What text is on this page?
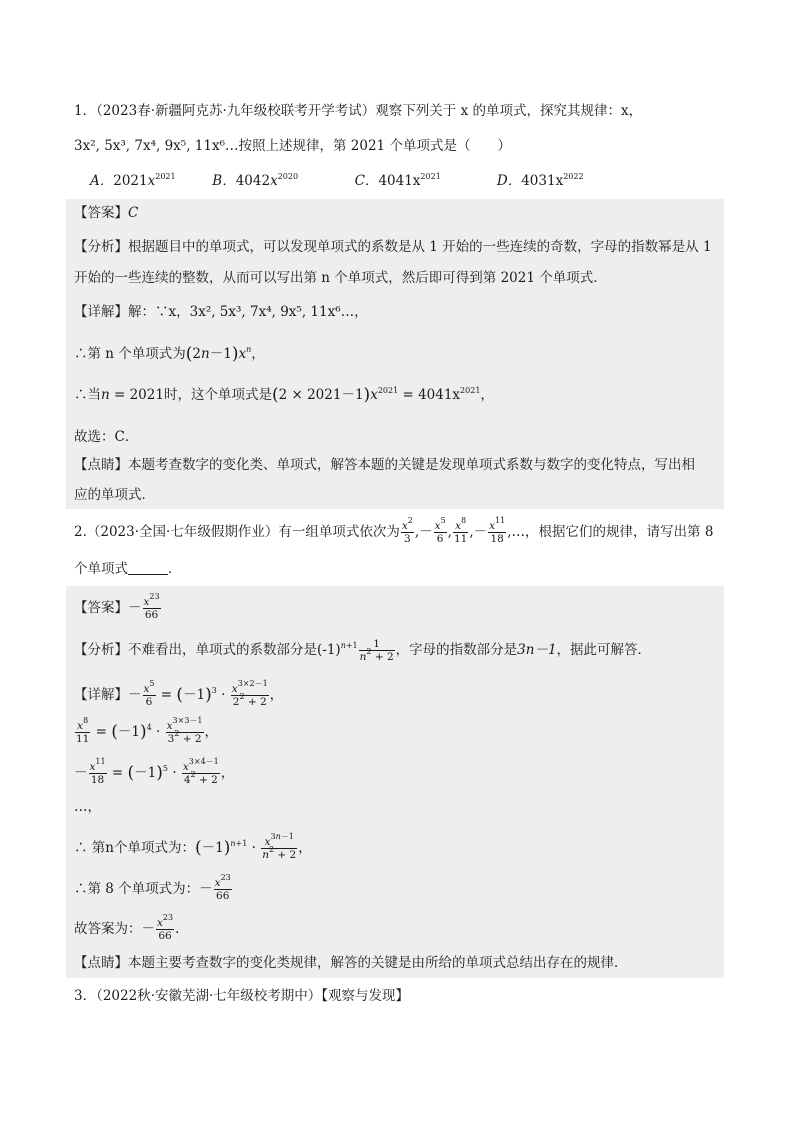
1．（2023春·新疆阿克苏·九年级校联考开学考试）观察下列关于 x 的单项式，探究其规律：x，
3x², 5x³, 7x⁴, 9x⁵, 11x⁶…按照上述规律，第 2021 个单项式是（　　）
A．$2021x^{2021}$	B．$4042x^{2020}$	C．$4041x^{2021}$	D．$4031x^{2022}$
【答案】C
【分析】根据题目中的单项式，可以发现单项式的系数是从 1 开始的一些连续的奇数，字母的指数幂是从 1
开始的一些连续的整数，从而可以写出第 n 个单项式，然后即可得到第 2021 个单项式．
【详解】解：∵x，3x², 5x³, 7x⁴, 9x⁵, 11x⁶…，
∴第 n 个单项式为$(2n-1)x^n$，
∴当n = 2021时，这个单项式是$(2 \times 2021-1)x^{2021} = 4041x^{2021}$，
故选：C．
【点睛】本题考查数字的变化类、单项式，解答本题的关键是发现单项式系数与数字的变化特点，写出相
应的单项式．
2.（2023·全国·七年级假期作业）有一组单项式依次为 $\frac{x^2}{3}$ ,－ $\frac{x^5}{6}$ , $\frac{x^8}{11}$ ,－ $\frac{x^{11}}{18}$ ,…，根据它们的规律，请写出第 8
个单项式	．
【答案】－ $\frac{x^{23}}{66}$
【分析】不难看出，单项式的系数部分是$(-1)^{n+1} \frac{1}{n^2 + 2}$ ，字母的指数部分是3n－1，据此可解答．
【详解】－ $\frac{x^5}{6} = (-1)^3 \cdot \frac{x^{3\times 2-1}}{2^2 + 2}$ ，
$\frac{x^8}{11} = (-1)^4 \cdot \frac{x^{3\times 3-1}}{3^2 + 2}$ ，
－ $\frac{x^{11}}{18} = (-1)^5 \cdot \frac{x^{3\times 4-1}}{4^2 + 2}$ ，
…，
∴ 第n个单项式为：$(-1)^{n+1} \cdot \frac{x^{3n-1}}{n^2 + 2}$ ，
∴第 8 个单项式为：－ $\frac{x^{23}}{66}$
故答案为：－ $\frac{x^{23}}{66}$ ．
【点睛】本题主要考查数字的变化类规律，解答的关键是由所给的单项式总结出存在的规律．
3．（2022秋·安徽芜湖·七年级校考期中）【观察与发现】
